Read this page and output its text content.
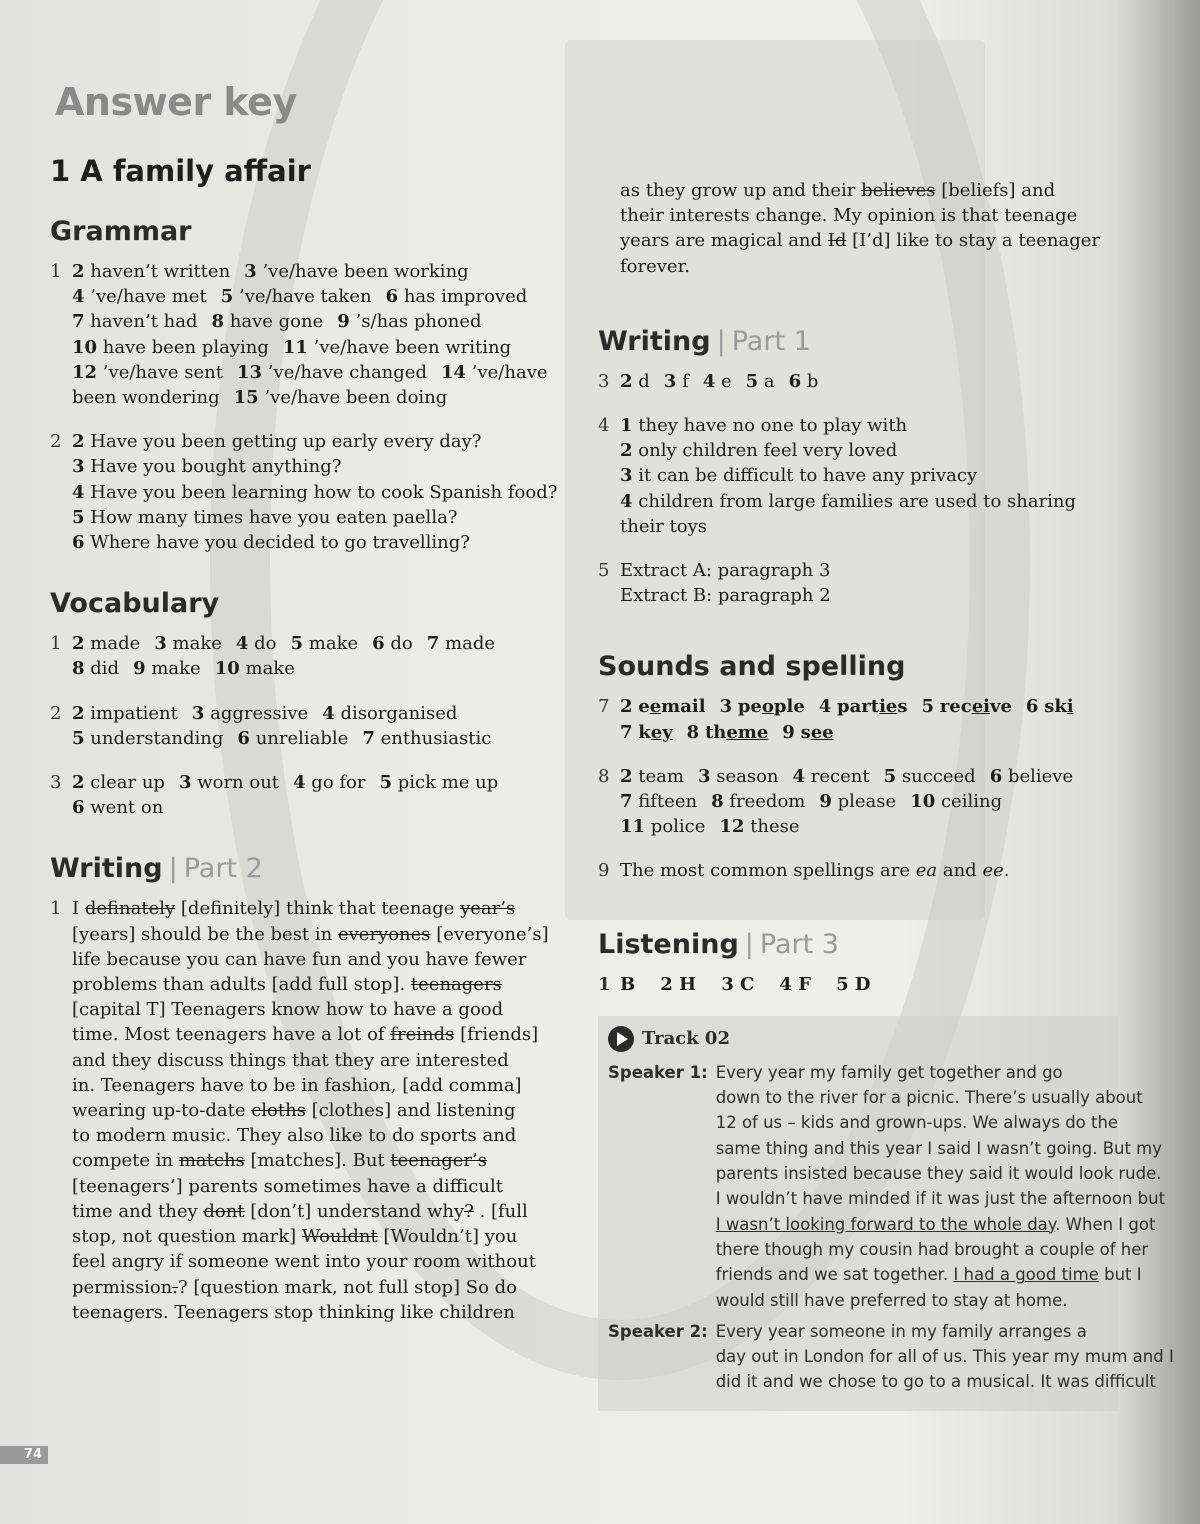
Answer key
1 A family affair
Grammar
1 2 haven’t written 3 ’ve/have been working
4 ’ve/have met 5 ’ve/have taken 6 has improved
7 haven’t had 8 have gone 9 ’s/has phoned
10 have been playing 11 ’ve/have been writing
12 ’ve/have sent 13 ’ve/have changed 14 ’ve/have
been wondering 15 ’ve/have been doing
2 2 Have you been getting up early every day?
3 Have you bought anything?
4 Have you been learning how to cook Spanish food?
5 How many times have you eaten paella?
6 Where have you decided to go travelling?
Vocabulary
1 2 made 3 make 4 do 5 make 6 do 7 made
8 did 9 make 10 make
2 2 impatient 3 aggressive 4 disorganised
5 understanding 6 unreliable 7 enthusiastic
3 2 clear up 3 worn out 4 go for 5 pick me up
6 went on
Writing | Part 2
1 I definately [definitely] think that teenage year’s
[years] should be the best in everyones [everyone’s]
life because you can have fun and you have fewer
problems than adults [add full stop]. teenagers
[capital T] Teenagers know how to have a good
time. Most teenagers have a lot of freinds [friends]
and they discuss things that they are interested
in. Teenagers have to be in fashion, [add comma]
wearing up-to-date cloths [clothes] and listening
to modern music. They also like to do sports and
compete in matchs [matches]. But teenager’s
[teenagers’] parents sometimes have a difficult
time and they dont [don’t] understand why? . [full
stop, not question mark] Wouldnt [Wouldn’t] you
feel angry if someone went into your room without
permission.? [question mark, not full stop] So do
teenagers. Teenagers stop thinking like children
as they grow up and their believes [beliefs] and
their interests change. My opinion is that teenage
years are magical and Id [I’d] like to stay a teenager
forever.
Writing | Part 1
3 2 d 3 f 4 e 5 a 6 b
4 1 they have no one to play with
2 only children feel very loved
3 it can be difficult to have any privacy
4 children from large families are used to sharing
their toys
5 Extract A: paragraph 3
Extract B: paragraph 2
Sounds and spelling
7 2 eemail 3 people 4 parties 5 receive 6 ski
7 key 8 theme 9 see
8 2 team 3 season 4 recent 5 succeed 6 believe
7 fifteen 8 freedom 9 please 10 ceiling
11 police 12 these
9 The most common spellings are ea and ee.
Listening | Part 3
1 B 2 H 3 C 4 F 5 D
Track 02
Speaker 1: Every year my family get together and go
down to the river for a picnic. There’s usually about
12 of us – kids and grown-ups. We always do the
same thing and this year I said I wasn’t going. But my
parents insisted because they said it would look rude.
I wouldn’t have minded if it was just the afternoon but
I wasn’t looking forward to the whole day. When I got
there though my cousin had brought a couple of her
friends and we sat together. I had a good time but I
would still have preferred to stay at home.
Speaker 2: Every year someone in my family arranges a
day out in London for all of us. This year my mum and I
did it and we chose to go to a musical. It was difficult
74
